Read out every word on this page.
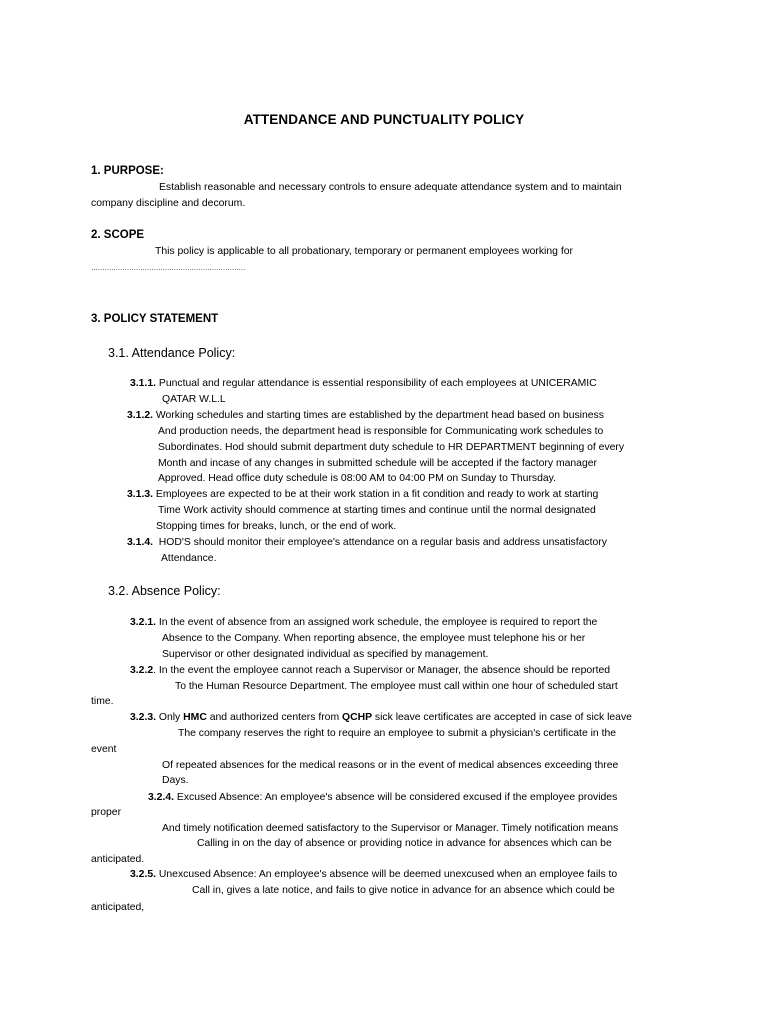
ATTENDANCE AND PUNCTUALITY POLICY
1. PURPOSE:
Establish reasonable and necessary controls to ensure adequate attendance system and to maintain
company discipline and decorum.
2. SCOPE
This policy is applicable to all probationary, temporary or permanent employees working for
……………………………………………………………
3. POLICY STATEMENT
3.1. Attendance Policy:
3.1.1. Punctual and regular attendance is essential responsibility of each employees at UNICERAMIC
QATAR W.L.L
3.1.2. Working schedules and starting times are established by the department head based on business
And production needs, the department head is responsible for Communicating work schedules to
Subordinates. Hod should submit department duty schedule to HR DEPARTMENT beginning of every
Month and incase of any changes in submitted schedule will be accepted if the factory manager
Approved. Head office duty schedule is 08:00 AM to 04:00 PM on Sunday to Thursday.
3.1.3. Employees are expected to be at their work station in a fit condition and ready to work at starting
Time Work activity should commence at starting times and continue until the normal designated
Stopping times for breaks, lunch, or the end of work.
3.1.4. HOD'S should monitor their employee's attendance on a regular basis and address unsatisfactory
Attendance.
3.2. Absence Policy:
3.2.1. In the event of absence from an assigned work schedule, the employee is required to report the
Absence to the Company. When reporting absence, the employee must telephone his or her
Supervisor or other designated individual as specified by management.
3.2.2. In the event the employee cannot reach a Supervisor or Manager, the absence should be reported
To the Human Resource Department. The employee must call within one hour of scheduled start
time.
3.2.3. Only HMC and authorized centers from QCHP sick leave certificates are accepted in case of sick leave
The company reserves the right to require an employee to submit a physician's certificate in the
event
Of repeated absences for the medical reasons or in the event of medical absences exceeding three
Days.
3.2.4. Excused Absence: An employee's absence will be considered excused if the employee provides
proper
And timely notification deemed satisfactory to the Supervisor or Manager. Timely notification means
Calling in on the day of absence or providing notice in advance for absences which can be
anticipated.
3.2.5. Unexcused Absence: An employee's absence will be deemed unexcused when an employee fails to
Call in, gives a late notice, and fails to give notice in advance for an absence which could be
anticipated,
